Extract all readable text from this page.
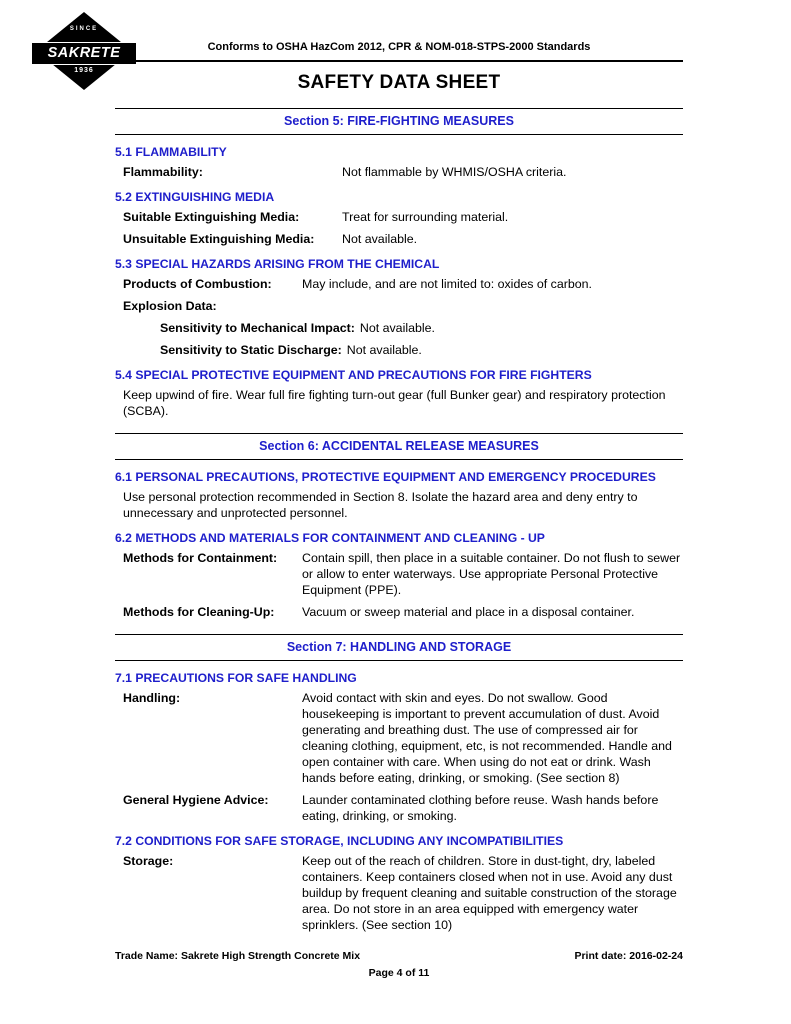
SINCE
SAKRETE
1936
Conforms to OSHA HazCom 2012, CPR & NOM-018-STPS-2000 Standards
SAFETY DATA SHEET
Section 5: FIRE-FIGHTING MEASURES
5.1 FLAMMABILITY
Flammability:	Not flammable by WHMIS/OSHA criteria.
5.2 EXTINGUISHING MEDIA
Suitable Extinguishing Media:	Treat for surrounding material.
Unsuitable Extinguishing Media:	Not available.
5.3 SPECIAL HAZARDS ARISING FROM THE CHEMICAL
Products of Combustion:	May include, and are not limited to: oxides of carbon.
Explosion Data:
Sensitivity to Mechanical Impact: Not available.
Sensitivity to Static Discharge: Not available.
5.4 SPECIAL PROTECTIVE EQUIPMENT AND PRECAUTIONS FOR FIRE FIGHTERS
Keep upwind of fire. Wear full fire fighting turn-out gear (full Bunker gear) and respiratory protection (SCBA).
Section 6: ACCIDENTAL RELEASE MEASURES
6.1 PERSONAL PRECAUTIONS, PROTECTIVE EQUIPMENT AND EMERGENCY PROCEDURES
Use personal protection recommended in Section 8. Isolate the hazard area and deny entry to unnecessary and unprotected personnel.
6.2 METHODS AND MATERIALS FOR CONTAINMENT AND CLEANING - UP
Methods for Containment:	Contain spill, then place in a suitable container. Do not flush to sewer or allow to enter waterways. Use appropriate Personal Protective Equipment (PPE).
Methods for Cleaning-Up:	Vacuum or sweep material and place in a disposal container.
Section 7: HANDLING AND STORAGE
7.1 PRECAUTIONS FOR SAFE HANDLING
Handling:	Avoid contact with skin and eyes. Do not swallow. Good housekeeping is important to prevent accumulation of dust. Avoid generating and breathing dust. The use of compressed air for cleaning clothing, equipment, etc, is not recommended. Handle and open container with care. When using do not eat or drink. Wash hands before eating, drinking, or smoking. (See section 8)
General Hygiene Advice:	Launder contaminated clothing before reuse. Wash hands before eating, drinking, or smoking.
7.2 CONDITIONS FOR SAFE STORAGE, INCLUDING ANY INCOMPATIBILITIES
Storage:	Keep out of the reach of children. Store in dust-tight, dry, labeled containers. Keep containers closed when not in use. Avoid any dust buildup by frequent cleaning and suitable construction of the storage area. Do not store in an area equipped with emergency water sprinklers. (See section 10)
Trade Name: Sakrete High Strength Concrete Mix	Print date: 2016-02-24
Page 4 of 11
